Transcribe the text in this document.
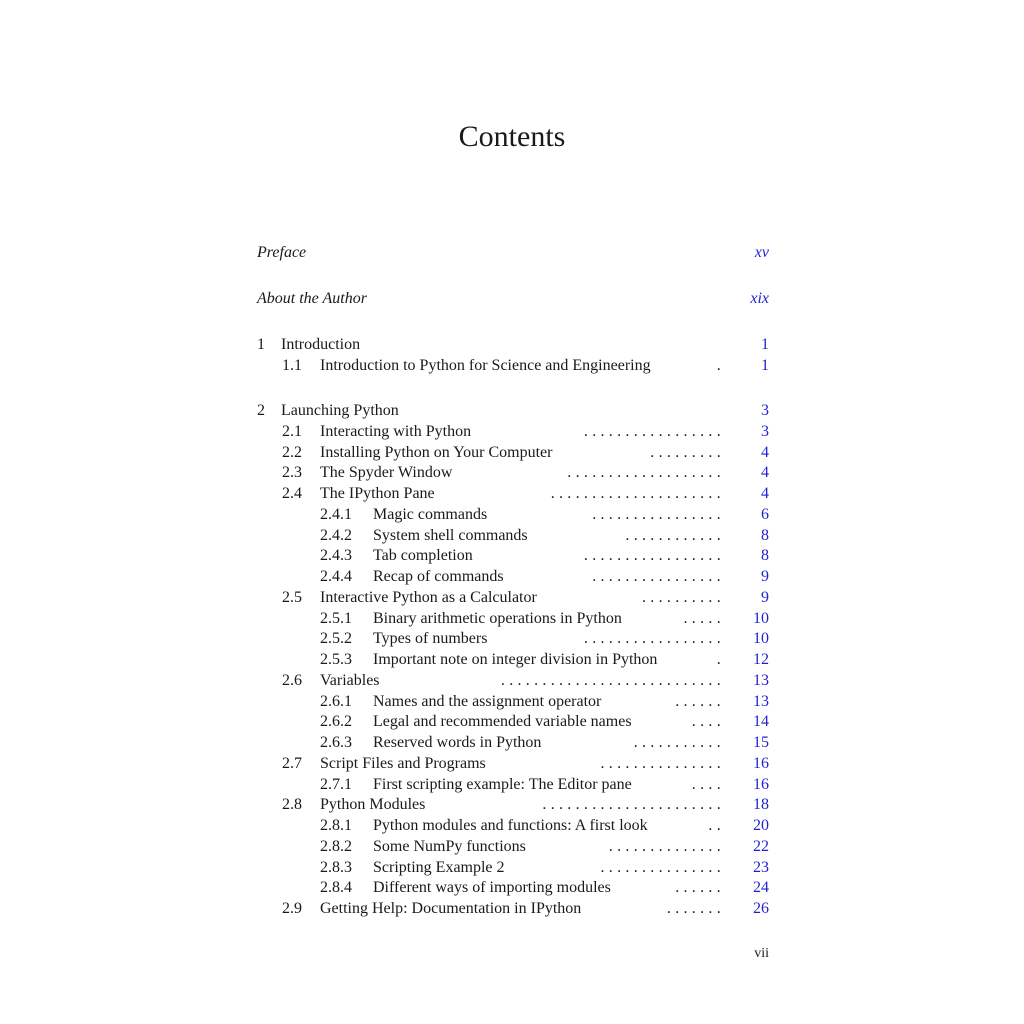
Contents
Preface	xv
About the Author	xix
1 Introduction	1
1.1 Introduction to Python for Science and Engineering	.	1
2 Launching Python	3
2.1 Interacting with Python	.................	3
2.2 Installing Python on Your Computer	.........	4
2.3 The Spyder Window	...................	4
2.4 The IPython Pane	.....................	4
2.4.1 Magic commands	................	6
2.4.2 System shell commands	............	8
2.4.3 Tab completion	.................	8
2.4.4 Recap of commands	................	9
2.5 Interactive Python as a Calculator	..........	9
2.5.1 Binary arithmetic operations in Python	.....	10
2.5.2 Types of numbers	.................	10
2.5.3 Important note on integer division in Python	.	12
2.6 Variables	...........................	13
2.6.1 Names and the assignment operator	......	13
2.6.2 Legal and recommended variable names	....	14
2.6.3 Reserved words in Python	...........	15
2.7 Script Files and Programs	...............	16
2.7.1 First scripting example: The Editor pane	....	16
2.8 Python Modules	......................	18
2.8.1 Python modules and functions: A first look	..	20
2.8.2 Some NumPy functions	..............	22
2.8.3 Scripting Example 2	...............	23
2.8.4 Different ways of importing modules	......	24
2.9 Getting Help: Documentation in IPython	.......	26
vii
